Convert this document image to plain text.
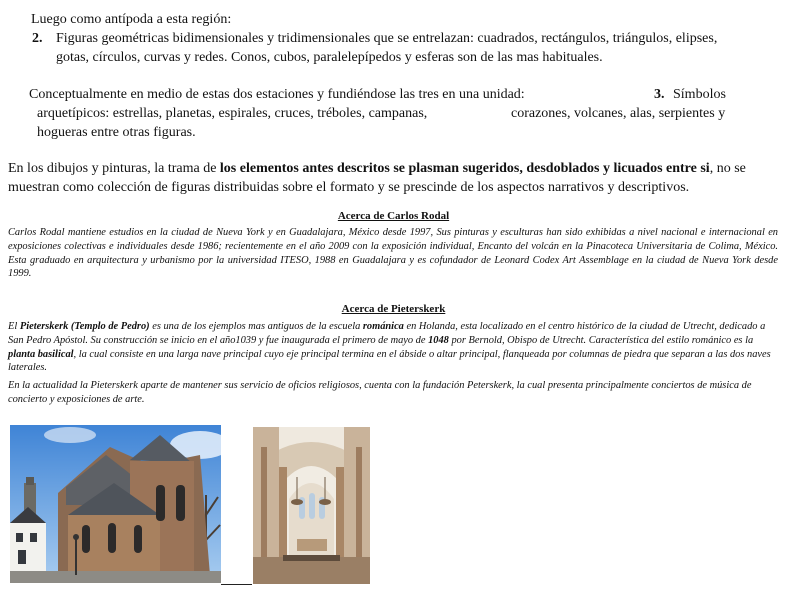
Luego como antípoda a esta región:
2. Figuras geométricas bidimensionales y tridimensionales que se entrelazan: cuadrados, rectángulos, triángulos, elipses,
gotas, círculos, curvas y redes. Conos, cubos, paralelepípedos y esferas son de las mas habituales.
Conceptualmente en medio de estas dos estaciones y fundiéndose las tres en una unidad:	3. Símbolos
arquetípicos: estrellas, planetas, espirales, cruces, tréboles, campanas,	corazones, volcanes, alas, serpientes y
hogueras entre otras figuras.
En los dibujos y pinturas, la trama de los elementos antes descritos se plasman sugeridos, desdoblados y licuados entre si, no se muestran como colección de figuras distribuidas sobre el formato y se prescinde de los aspectos narrativos y descriptivos.
Acerca de Carlos Rodal
Carlos Rodal mantiene estudios en la ciudad de Nueva York y en Guadalajara, México desde 1997, Sus pinturas y esculturas han sido exhibidas a nivel nacional e internacional en exposiciones colectivas e individuales desde 1986; recientemente en el año 2009 con la exposición individual, Encanto del volcán en la Pinacoteca Universitaria de Colima, México. Esta graduado en arquitectura y urbanismo por la universidad ITESO, 1988 en Guadalajara y es cofundador de Leonard Codex Art Assemblage en la ciudad de Nueva York desde 1999.
Acerca de Pieterskerk
El Pieterskerk (Templo de Pedro) es una de los ejemplos mas antiguos de la escuela románica en Holanda, esta localizado en el centro histórico de la ciudad de Utrecht, dedicado a San Pedro Apóstol. Su construcción se inicio en el año1039 y fue inaugurada el primero de mayo de 1048 por Bernold, Obispo de Utrecht. Característica del estilo románico es la planta basilical, la cual consiste en una larga nave principal cuyo eje principal termina en el ábside o altar principal, flanqueada por columnas de piedra que separan a las dos naves laterales.
En la actualidad la Pieterskerk aparte de mantener sus servicio de oficios religiosos, cuenta con la fundación Peterskerk, la cual presenta principalmente conciertos de música de concierto y exposiciones de arte.
